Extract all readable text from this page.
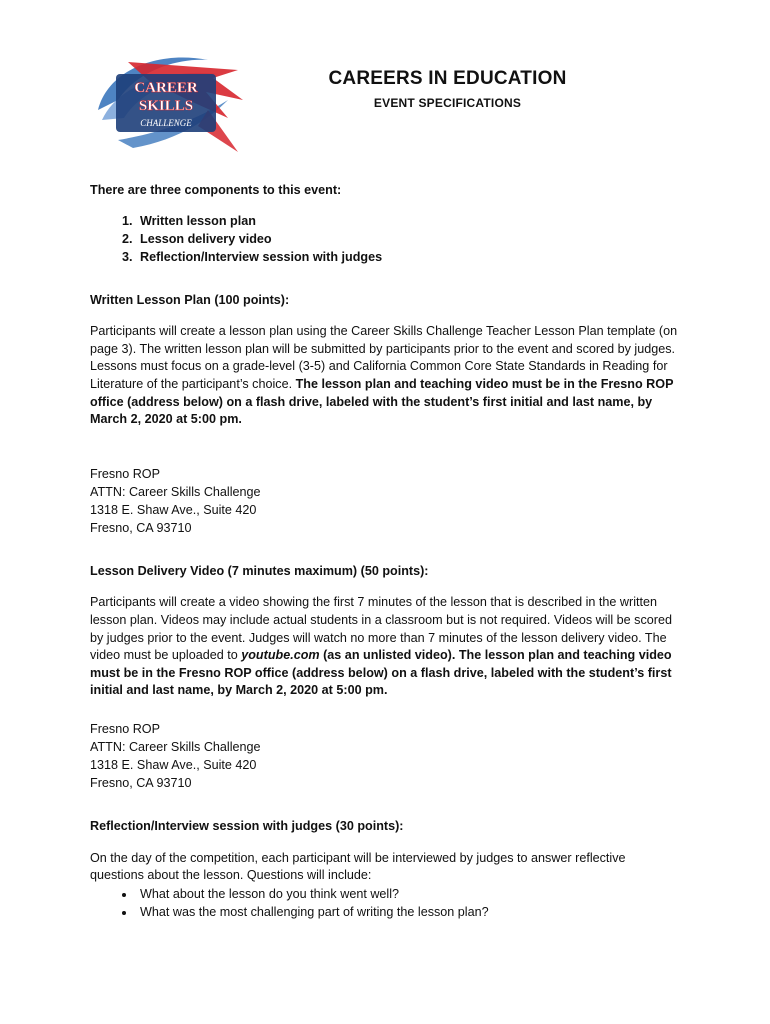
CAREER
SKILLS
CHALLENGE
CAREERS IN EDUCATION
EVENT SPECIFICATIONS

There are three components to this event:

1. Written lesson plan
2. Lesson delivery video
3. Reflection/Interview session with judges

Written Lesson Plan (100 points):

Participants will create a lesson plan using the Career Skills Challenge Teacher Lesson Plan template (on page 3). The written lesson plan will be submitted by participants prior to the event and scored by judges. Lessons must focus on a grade-level (3-5) and California Common Core State Standards in Reading for Literature of the participant’s choice. The lesson plan and teaching video must be in the Fresno ROP office (address below) on a flash drive, labeled with the student’s first initial and last name, by March 2, 2020 at 5:00 pm.

Fresno ROP
ATTN: Career Skills Challenge
1318 E. Shaw Ave., Suite 420
Fresno, CA 93710

Lesson Delivery Video (7 minutes maximum) (50 points):

Participants will create a video showing the first 7 minutes of the lesson that is described in the written lesson plan. Videos may include actual students in a classroom but is not required. Videos will be scored by judges prior to the event. Judges will watch no more than 7 minutes of the lesson delivery video. The video must be uploaded to youtube.com (as an unlisted video). The lesson plan and teaching video must be in the Fresno ROP office (address below) on a flash drive, labeled with the student’s first initial and last name, by March 2, 2020 at 5:00 pm.

Fresno ROP
ATTN: Career Skills Challenge
1318 E. Shaw Ave., Suite 420
Fresno, CA 93710

Reflection/Interview session with judges (30 points):

On the day of the competition, each participant will be interviewed by judges to answer reflective questions about the lesson. Questions will include:

• What about the lesson do you think went well?
• What was the most challenging part of writing the lesson plan?
